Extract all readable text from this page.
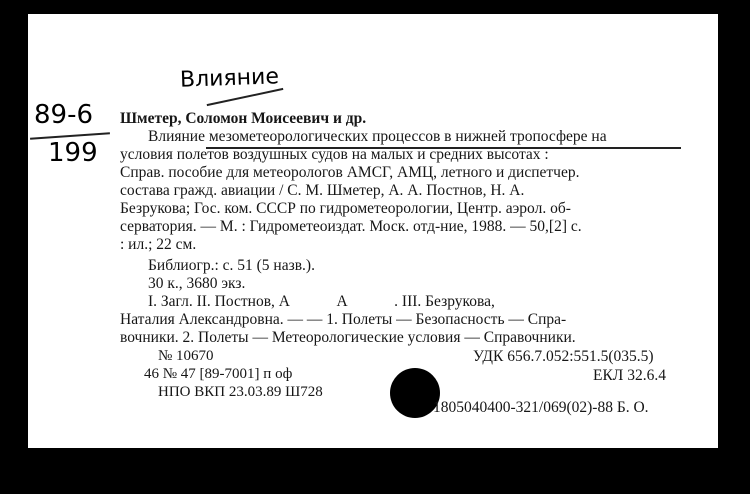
Влияние
89-6
199
Шметер, Соломон Моисеевич и др.
Влияние мезометеорологических процессов в нижней тропосфере на
условия полетов воздушных судов на малых и средних высотах :
Справ. пособие для метеорологов АМСГ, АМЦ, летного и диспетчер.
состава гражд. авиации / С. М. Шметер, А. А. Постнов, Н. А.
Безрукова; Гос. ком. СССР по гидрометеорологии, Центр. аэрол. об-
серватория. — М. : Гидрометеоиздат. Моск. отд-ние, 1988. — 50,[2] с.
: ил.; 22 см.
Библиогр.: с. 51 (5 назв.).
30 к., 3680 экз.
I. Загл. II. Постнов, А            А            . III. Безрукова,
Наталия Александровна. — — 1. Полеты — Безопасность — Спра-
вочники. 2. Полеты — Метеорологические условия — Справочники.
УДК 656.7.052:551.5(035.5)
№ 10670
46 № 47 [89-7001] п оф
НПО ВКП 23.03.89 Ш728
ЕКЛ 32.6.4
1805040400-321/069(02)-88 Б. О.
